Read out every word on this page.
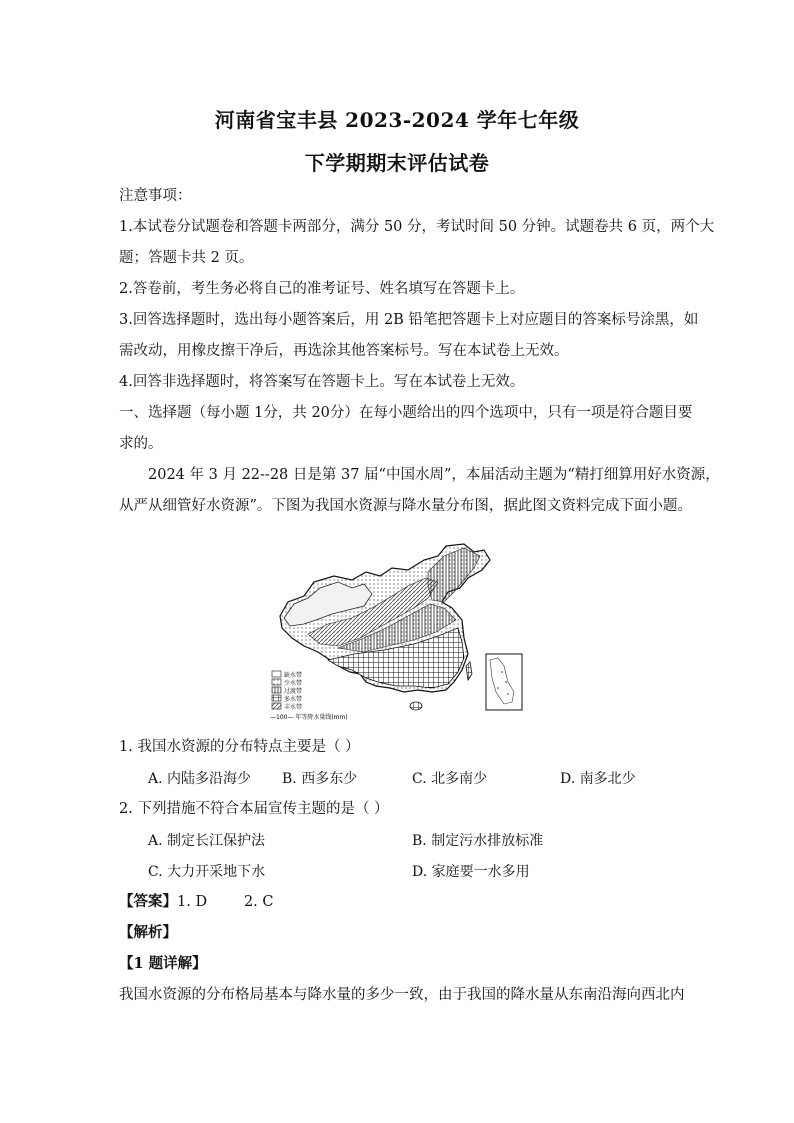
河南省宝丰县 2023-2024 学年七年级
下学期期末评估试卷
注意事项：
1.本试卷分试题卷和答题卡两部分，满分 50 分，考试时间 50 分钟。试题卷共 6 页，两个大
题；答题卡共 2 页。
2.答卷前，考生务必将自己的准考证号、姓名填写在答题卡上。
3.回答选择题时，选出每小题答案后，用 2B 铅笔把答题卡上对应题目的答案标号涂黑，如
需改动，用橡皮擦干净后，再选涂其他答案标号。写在本试卷上无效。
4.回答非选择题时，将答案写在答题卡上。写在本试卷上无效。
一、选择题（每小题 1分，共 20分）在每小题给出的四个选项中，只有一项是符合题目要
求的。
2024 年 3 月 22--28 日是第 37 届“中国水周”，本届活动主题为“精打细算用好水资源，
从严从细管好水资源”。下图为我国水资源与降水量分布图，据此图文资料完成下面小题。
缺水带
少水带
过渡带
多水带
丰水带
—100— 年等降水量线(mm)
1. 我国水资源的分布特点主要是（ ）
A. 内陆多沿海少 B. 西多东少	C. 北多南少	D. 南多北少
2. 下列措施不符合本届宣传主题的是（ ）
A. 制定长江保护法	B. 制定污水排放标准
C. 大力开采地下水	D. 家庭要一水多用
【答案】1. D        2. C
【解析】
【1 题详解】
我国水资源的分布格局基本与降水量的多少一致，由于我国的降水量从东南沿海向西北内
